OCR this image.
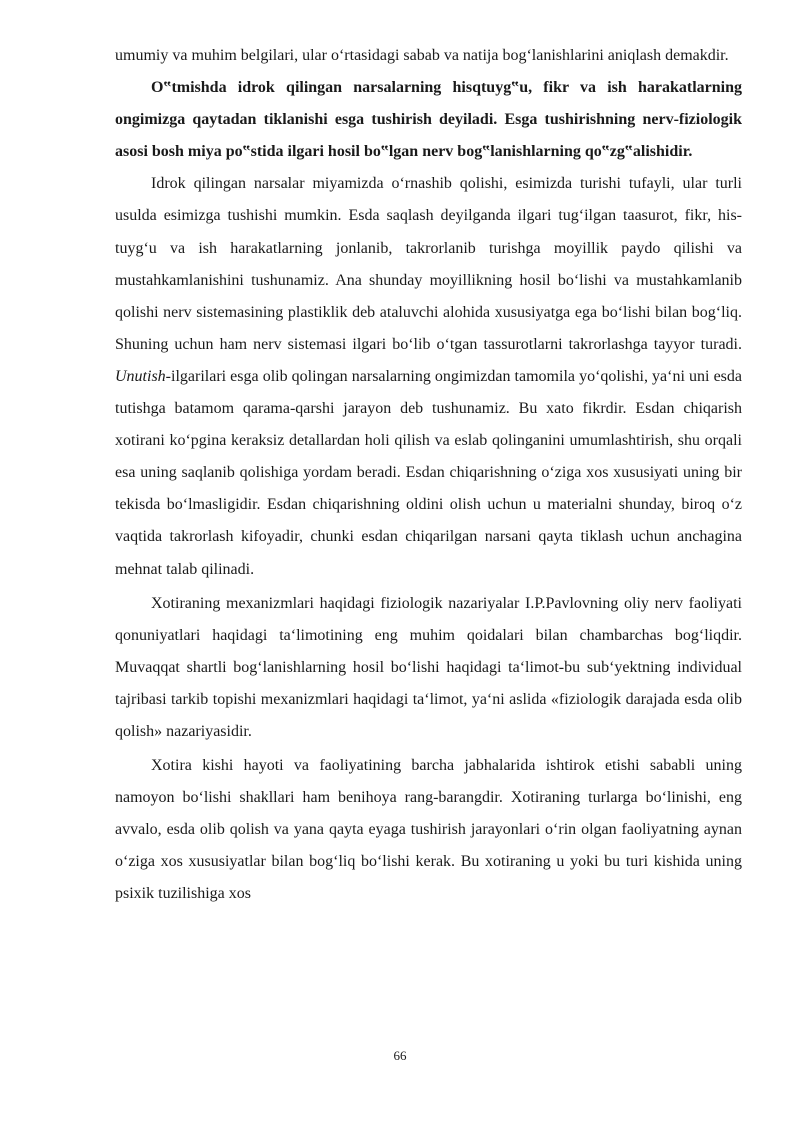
umumiy va muhim belgilari, ular o‘rtasidagi sabab va natija bog‘lanishlarini aniqlash demakdir.

O‟tmishda idrok qilingan narsalarning hisqtuyg‟u, fikr va ish harakatlarning ongimizga qaytadan tiklanishi esga tushirish deyiladi. Esga tushirishning nerv-fiziologik asosi bosh miya po‟stida ilgari hosil bo‟lgan nerv bog‟lanishlarning qo‟zg‟alishidir.

Idrok qilingan narsalar miyamizda o‘rnashib qolishi, esimizda turishi tufayli, ular turli usulda esimizga tushishi mumkin. Esda saqlash deyilganda ilgari tug‘ilgan taasurot, fikr, his-tuyg‘u va ish harakatlarning jonlanib, takrorlanib turishga moyillik paydo qilishi va mustahkamlanishini tushunamiz. Ana shunday moyillikning hosil bo‘lishi va mustahkamlanib qolishi nerv sistemasining plastiklik deb ataluvchi alohida xususiyatga ega bo‘lishi bilan bog‘liq. Shuning uchun ham nerv sistemasi ilgari bo‘lib o‘tgan tassurotlarni takrorlashga tayyor turadi. Unutish-ilgarilari esga olib qolingan narsalarning ongimizdan tamomila yo‘qolishi, ya‘ni uni esda tutishga batamom qarama-qarshi jarayon deb tushunamiz. Bu xato fikrdir. Esdan chiqarish xotirani ko‘pgina keraksiz detallardan holi qilish va eslab qolinganini umumlashtirish, shu orqali esa uning saqlanib qolishiga yordam beradi. Esdan chiqarishning o‘ziga xos xususiyati uning bir tekisda bo‘lmasligidir. Esdan chiqarishning oldini olish uchun u materialni shunday, biroq o‘z vaqtida takrorlash kifoyadir, chunki esdan chiqarilgan narsani qayta tiklash uchun anchagina mehnat talab qilinadi.

Xotiraning mexanizmlari haqidagi fiziologik nazariyalar I.P.Pavlovning oliy nerv faoliyati qonuniyatlari haqidagi ta‘limotining eng muhim qoidalari bilan chambarchas bog‘liqdir. Muvaqqat shartli bog‘lanishlarning hosil bo‘lishi haqidagi ta‘limot-bu sub‘yektning individual tajribasi tarkib topishi mexanizmlari haqidagi ta‘limot, ya‘ni aslida «fiziologik darajada esda olib qolish» nazariyasidir.

Xotira kishi hayoti va faoliyatining barcha jabhalarida ishtirok etishi sababli uning namoyon bo‘lishi shakllari ham benihoya rang-barangdir. Xotiraning turlarga bo‘linishi, eng avvalo, esda olib qolish va yana qayta eyaga tushirish jarayonlari o‘rin olgan faoliyatning aynan o‘ziga xos xususiyatlar bilan bog‘liq bo‘lishi kerak. Bu xotiraning u yoki bu turi kishida uning psixik tuzilishiga xos

66
